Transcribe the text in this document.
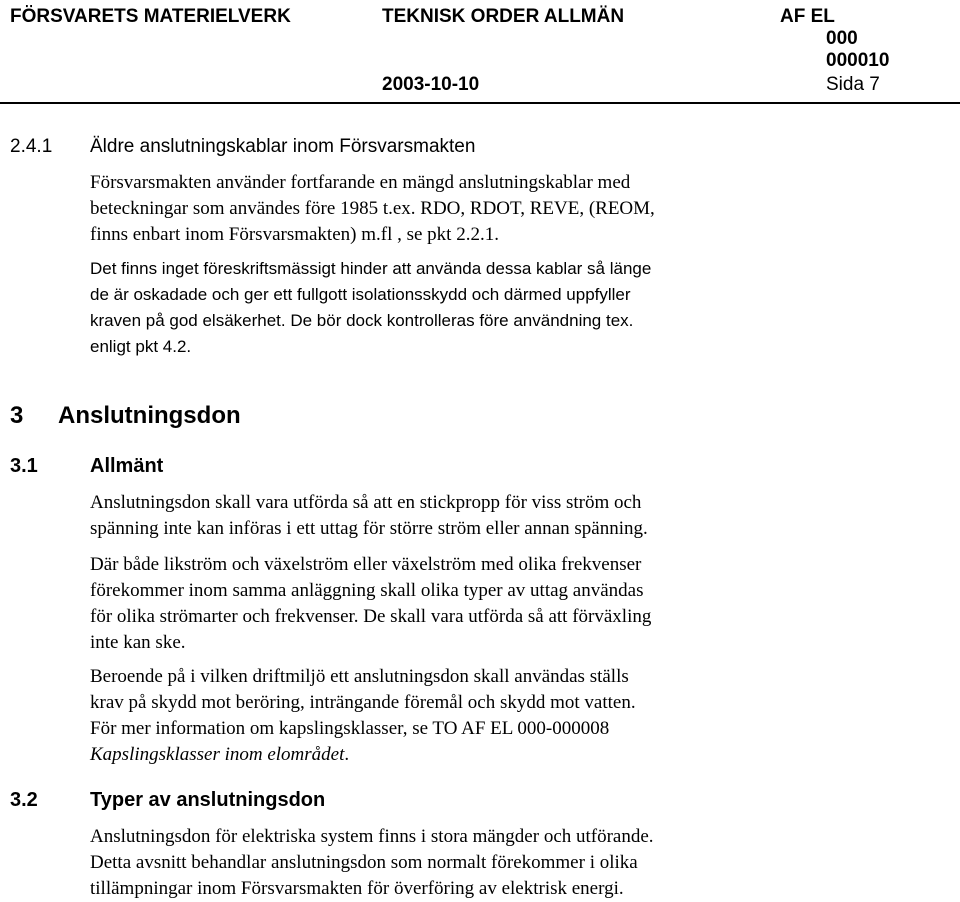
FÖRSVARETS MATERIELVERK	TEKNISK ORDER ALLMÄN	AF EL
000
000010
2003-10-10	Sida 7
2.4.1 Äldre anslutningskablar inom Försvarsmakten

Försvarsmakten använder fortfarande en mängd anslutningskablar med
beteckningar som användes före 1985 t.ex. RDO, RDOT, REVE, (REOM,
finns enbart inom Försvarsmakten) m.fl , se pkt 2.2.1.

Det finns inget föreskriftsmässigt hinder att använda dessa kablar så länge
de är oskadade och ger ett fullgott isolationsskydd och därmed uppfyller
kraven på god elsäkerhet. De bör dock kontrolleras före användning tex.
enligt pkt 4.2.

3 Anslutningsdon
3.1	Allmänt

Anslutningsdon skall vara utförda så att en stickpropp för viss ström och
spänning inte kan införas i ett uttag för större ström eller annan spänning.

Där både likström och växelström eller växelström med olika frekvenser
förekommer inom samma anläggning skall olika typer av uttag användas
för olika strömarter och frekvenser. De skall vara utförda så att förväxling
inte kan ske.

Beroende på i vilken driftmiljö ett anslutningsdon skall användas ställs
krav på skydd mot beröring, inträngande föremål och skydd mot vatten.
För mer information om kapslingsklasser, se TO AF EL 000-000008
Kapslingsklasser inom elområdet.

3.2	Typer av anslutningsdon

Anslutningsdon för elektriska system finns i stora mängder och utförande.
Detta avsnitt behandlar anslutningsdon som normalt förekommer i olika
tillämpningar inom Försvarsmakten för överföring av elektrisk energi.
